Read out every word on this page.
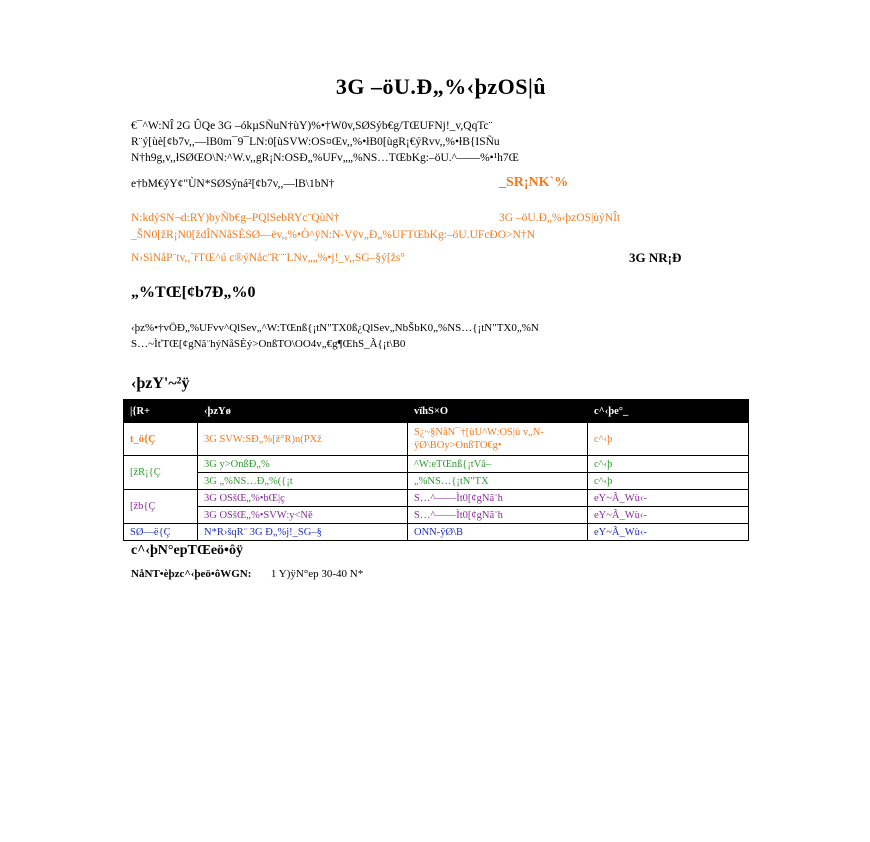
3G –öU.Ð„%‹þzOS|û
€¯^W:NÎ 2G ÛQe 3G –ókµSÑuN†ùY)%•†W0v,SØSýb€g/TŒUFNj!_v,QqTc¨
R¨ý[ùè[¢b7v,,—lB0m¯9¯LN:0[ùSVW:OS¤Œv,,%•łB0[ùgR¡€ýRvv,,%•łB{ISÑu
N†h9g,v,,łSØŒO\N:^W.v,,gR¡N:OSÐ„%UFv„„%NS…TŒbKg:–öU.^——%•¹h7Œ
e†bM€ýY¢"ÙN*SØSýná²[¢b7v,,—lB\1bN†	_SR¡NK`%
N:kdýSN¬d:RY)byÑb€g–PQlSebRYc¨QùN†	3G –öU.Ð„%‹þzOS|ùýNÎt
_ŠN0[žR¡N0[ždÎNNåSÈSØ—ëv,,%•Ò^ÿN:N-Vÿv„Ð„%UFTŒbKg:–öU.UFcÐO>N†N
N›SìNåP¨tv,,`řTŒ^ú c®ýNåc¨R¨¨LNv„„%•j!_v,,SG–§ý[žs°	3G NR¡Ð
„%TŒ[¢b7Ð„%0
‹þz%•†vÖÐ„%UFvv^QlSev„^W:TŒnß{¡tN"TX0ß¿QlSev„NbŠbK0„%NS…{¡tN"TX0„%N
S…~ÌťTŒ[¢gNã¨hýNåSÈý>OnßTO\OO4v„€g¶ŒhS_Ã{¡t\B0
‹þzY'~²ÿ
|{R+	‹þzYø	vïhS×O	c^‹þe°_
t_ö{Ç	3G SVW:SÐ„%[ž°R)n(PXž	S¿~§NåN¯†[ùU^W:OS|ù v„N-ÿØ\BOy>OnßTO€g•	c^‹þ
[žR¡{Ç	3G y>OnßÐ„%	^W:eTŒnß{¡tVâ–	c^‹þ
	3G „%NS…Ð„%({¡t	„%NS…{¡tN"TX	c^‹þ
[žb{Ç	3G OSšŒ„%•bŒ|ç	S…^——Ìt0[¢gNã¨h	eY~Ã_Wù‹-
	3G OSšŒ„%•SVW:y<Ně	S…^——Ìt0[¢gNã¨h	eY~Ã_Wù‹-
SØ—ë{Ç	N*R›šqR¨ 3G Ð„%j!_SG–§	ONN-ÿØ\B	eY~Ã_Wù‹-
c^‹þN°epTŒeö•ôÿ
NåNT•èþzc^‹þeö•ôWGN: 1 Y)ÿN°ep 30-40 N*
